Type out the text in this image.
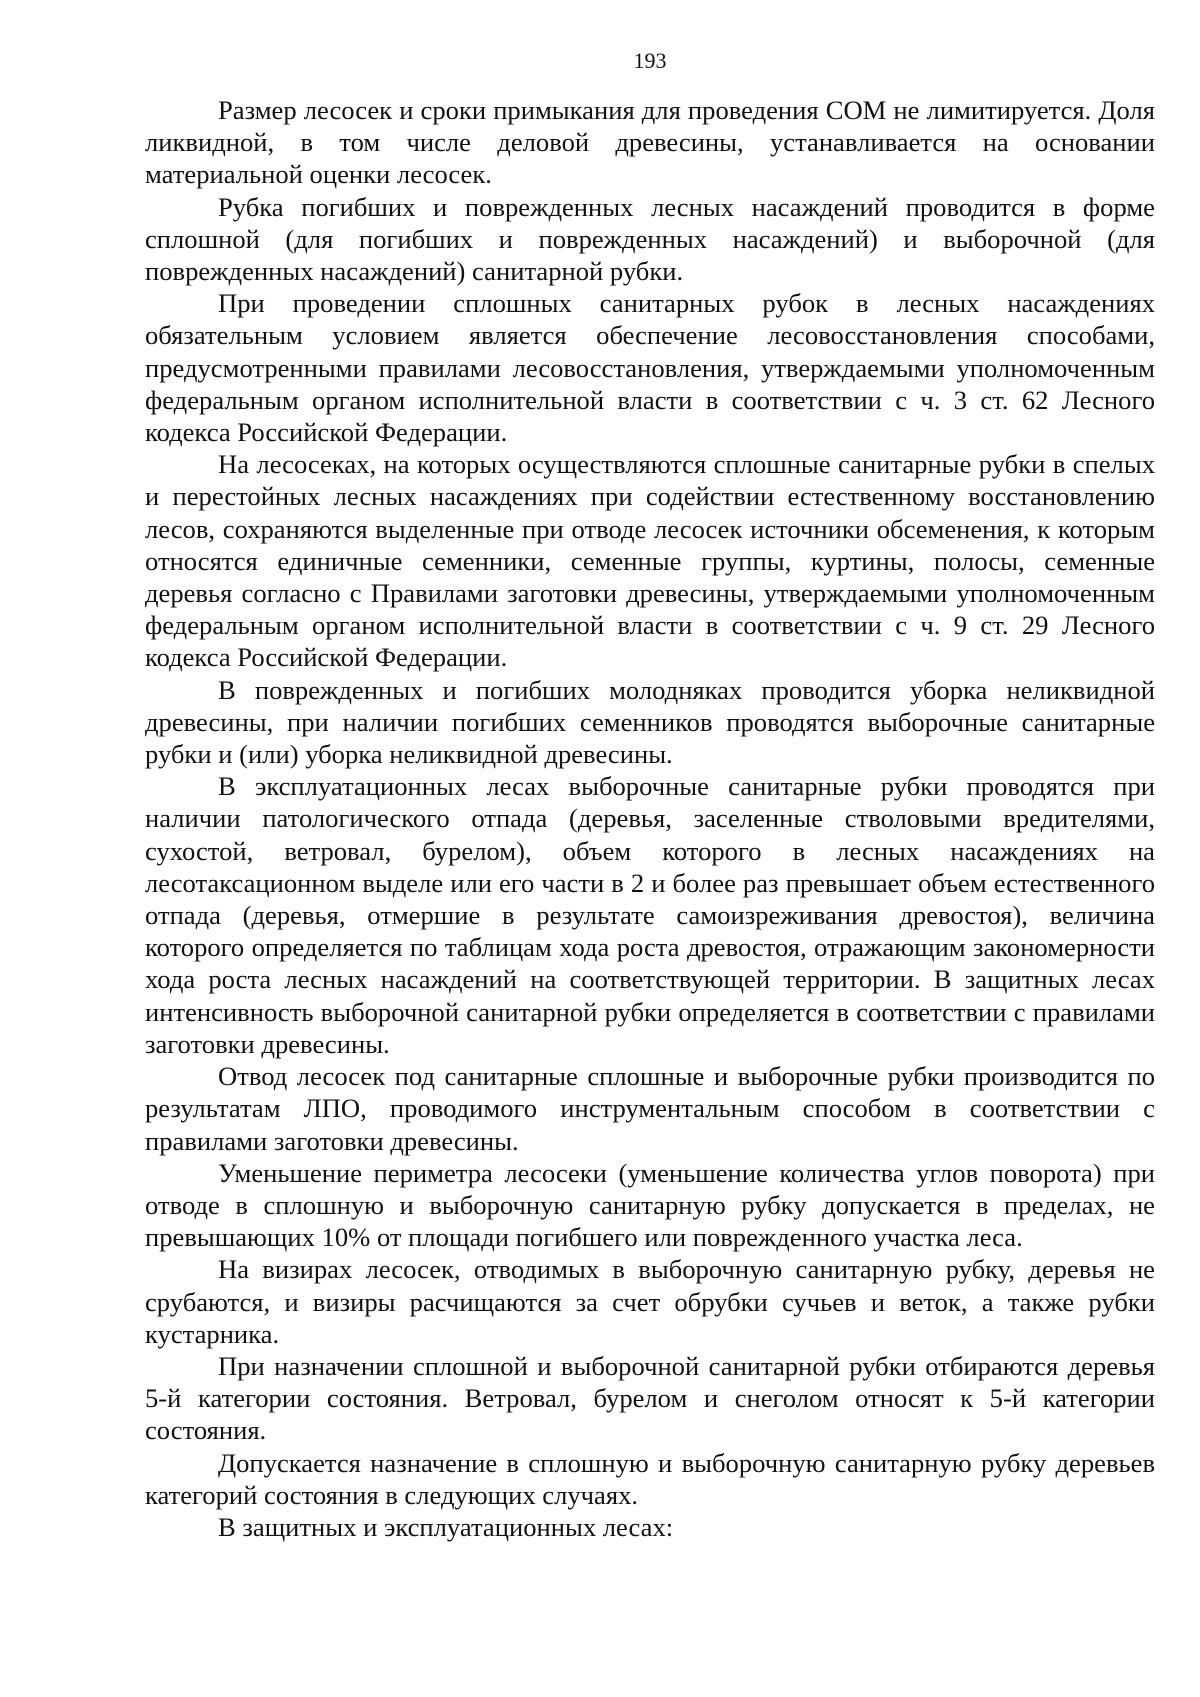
193

Размер лесосек и сроки примыкания для проведения СОМ не лимитируется. Доля ликвидной, в том числе деловой древесины, устанавливается на основании материальной оценки лесосек.

Рубка погибших и поврежденных лесных насаждений проводится в форме сплошной (для погибших и поврежденных насаждений) и выборочной (для поврежденных насаждений) санитарной рубки.

При проведении сплошных санитарных рубок в лесных насаждениях обязательным условием является обеспечение лесовосстановления способами, предусмотренными правилами лесовосстановления, утверждаемыми уполномоченным федеральным органом исполнительной власти в соответствии с ч. 3 ст. 62 Лесного кодекса Российской Федерации.

На лесосеках, на которых осуществляются сплошные санитарные рубки в спелых и перестойных лесных насаждениях при содействии естественному восстановлению лесов, сохраняются выделенные при отводе лесосек источники обсеменения, к которым относятся единичные семенники, семенные группы, куртины, полосы, семенные деревья согласно с Правилами заготовки древесины, утверждаемыми уполномоченным федеральным органом исполнительной власти в соответствии с ч. 9 ст. 29 Лесного кодекса Российской Федерации.

В поврежденных и погибших молодняках проводится уборка неликвидной древесины, при наличии погибших семенников проводятся выборочные санитарные рубки и (или) уборка неликвидной древесины.

В эксплуатационных лесах выборочные санитарные рубки проводятся при наличии патологического отпада (деревья, заселенные стволовыми вредителями, сухостой, ветровал, бурелом), объем которого в лесных насаждениях на лесотаксационном выделе или его части в 2 и более раз превышает объем естественного отпада (деревья, отмершие в результате самоизреживания древостоя), величина которого определяется по таблицам хода роста древостоя, отражающим закономерности хода роста лесных насаждений на соответствующей территории. В защитных лесах интенсивность выборочной санитарной рубки определяется в соответствии с правилами заготовки древесины.

Отвод лесосек под санитарные сплошные и выборочные рубки производится по результатам ЛПО, проводимого инструментальным способом в соответствии с правилами заготовки древесины.

Уменьшение периметра лесосеки (уменьшение количества углов поворота) при отводе в сплошную и выборочную санитарную рубку допускается в пределах, не превышающих 10% от площади погибшего или поврежденного участка леса.

На визирах лесосек, отводимых в выборочную санитарную рубку, деревья не срубаются, и визиры расчищаются за счет обрубки сучьев и веток, а также рубки кустарника.

При назначении сплошной и выборочной санитарной рубки отбираются деревья 5-й категории состояния. Ветровал, бурелом и снеголом относят к 5-й категории состояния.

Допускается назначение в сплошную и выборочную санитарную рубку деревьев категорий состояния в следующих случаях.

В защитных и эксплуатационных лесах:
